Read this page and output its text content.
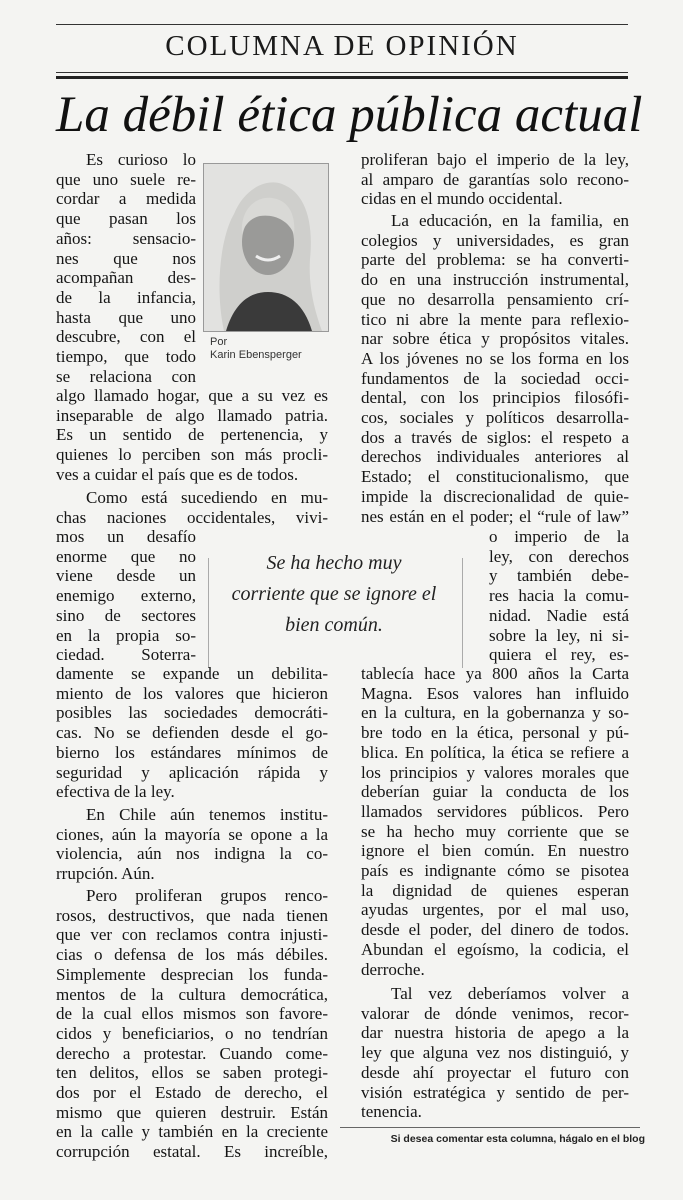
COLUMNA DE OPINIÓN
La débil ética pública actual
Por
Karin Ebensperger
Se ha hecho muy
corriente que se ignore el
bien común.
Es curioso lo
que uno suele re-
cordar a medida
que pasan los
años: sensacio-
nes que nos
acompañan des-
de la infancia,
hasta que uno
descubre, con el
tiempo, que todo
se relaciona con
algo llamado hogar, que a su vez es
inseparable de algo llamado patria.
Es un sentido de pertenencia, y
quienes lo perciben son más procli-
ves a cuidar el país que es de todos.
Como está sucediendo en mu-
chas naciones occidentales, vivi-
mos un desafío
enorme que no
viene desde un
enemigo externo,
sino de sectores
en la propia so-
ciedad. Soterra-
damente se expande un debilita-
miento de los valores que hicieron
posibles las sociedades democráti-
cas. No se defienden desde el go-
bierno los estándares mínimos de
seguridad y aplicación rápida y
efectiva de la ley.
En Chile aún tenemos institu-
ciones, aún la mayoría se opone a la
violencia, aún nos indigna la co-
rrupción. Aún.
Pero proliferan grupos renco-
rosos, destructivos, que nada tienen
que ver con reclamos contra injusti-
cias o defensa de los más débiles.
Simplemente desprecian los funda-
mentos de la cultura democrática,
de la cual ellos mismos son favore-
cidos y beneficiarios, o no tendrían
derecho a protestar. Cuando come-
ten delitos, ellos se saben protegi-
dos por el Estado de derecho, el
mismo que quieren destruir. Están
en la calle y también en la creciente
corrupción estatal. Es increíble,
proliferan bajo el imperio de la ley,
al amparo de garantías solo recono-
cidas en el mundo occidental.
La educación, en la familia, en
colegios y universidades, es gran
parte del problema: se ha converti-
do en una instrucción instrumental,
que no desarrolla pensamiento crí-
tico ni abre la mente para reflexio-
nar sobre ética y propósitos vitales.
A los jóvenes no se los forma en los
fundamentos de la sociedad occi-
dental, con los principios filosófi-
cos, sociales y políticos desarrolla-
dos a través de siglos: el respeto a
derechos individuales anteriores al
Estado; el constitucionalismo, que
impide la discrecionalidad de quie-
nes están en el poder; el “rule of law”
o imperio de la
ley, con derechos
y también debe-
res hacia la comu-
nidad. Nadie está
sobre la ley, ni si-
quiera el rey, es-
tablecía hace ya 800 años la Carta
Magna. Esos valores han influido
en la cultura, en la gobernanza y so-
bre todo en la ética, personal y pú-
blica. En política, la ética se refiere a
los principios y valores morales que
deberían guiar la conducta de los
llamados servidores públicos. Pero
se ha hecho muy corriente que se
ignore el bien común. En nuestro
país es indignante cómo se pisotea
la dignidad de quienes esperan
ayudas urgentes, por el mal uso,
desde el poder, del dinero de todos.
Abundan el egoísmo, la codicia, el
derroche.
Tal vez deberíamos volver a
valorar de dónde venimos, recor-
dar nuestra historia de apego a la
ley que alguna vez nos distinguió, y
desde ahí proyectar el futuro con
visión estratégica y sentido de per-
tenencia.
Si desea comentar esta columna, hágalo en el blog
